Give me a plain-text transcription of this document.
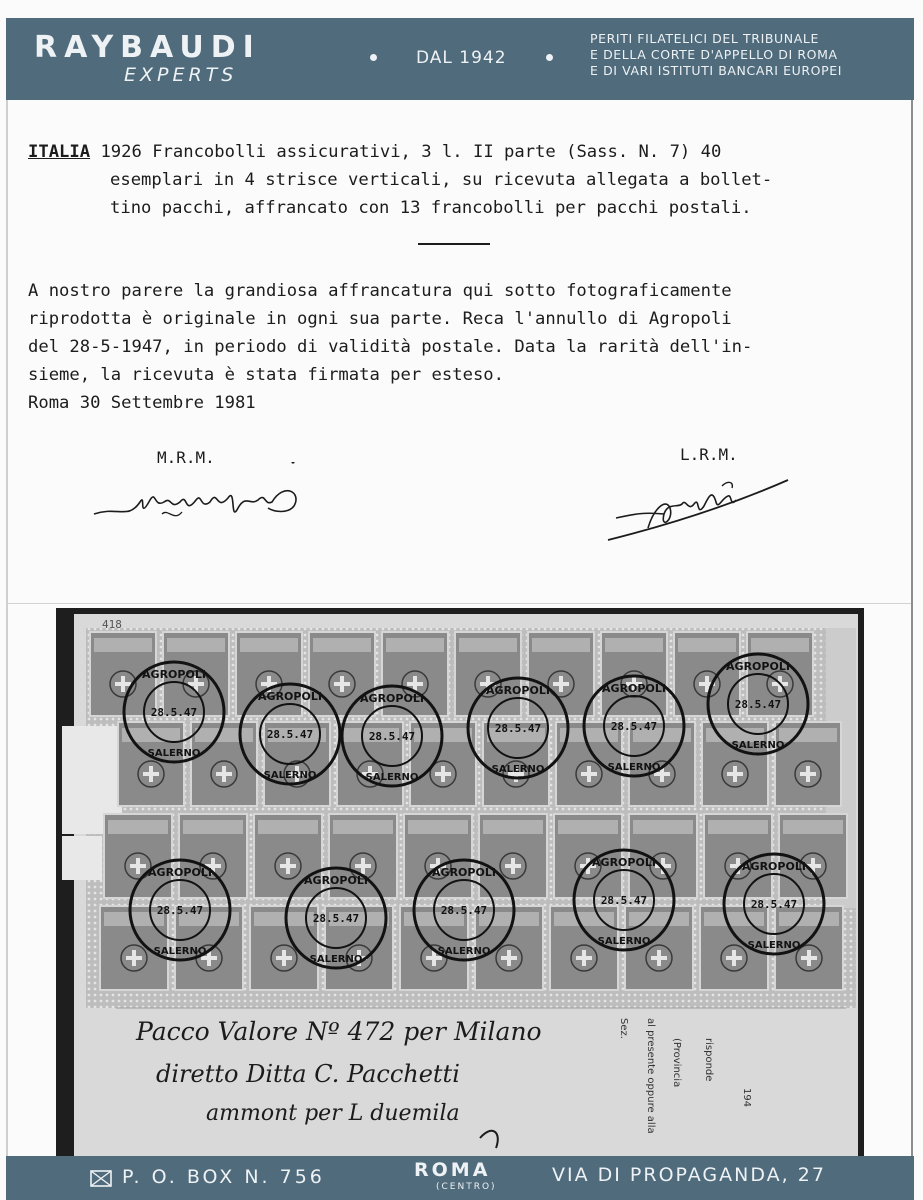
RAYBAUDI
EXPERTS
DAL 1942
PERITI FILATELICI DEL TRIBUNALE
E DELLA CORTE D'APPELLO DI ROMA
E DI VARI ISTITUTI BANCARI EUROPEI
ITALIA 1926 Francobolli assicurativi, 3 l. II parte (Sass. N. 7) 40
esemplari in 4 strisce verticali, su ricevuta allegata a bollet-
tino pacchi, affrancato con 13 francobolli per pacchi postali.
A nostro parere la grandiosa affrancatura qui sotto fotograficamente
riprodotta è originale in ogni sua parte. Reca l'annullo di Agropoli
del 28-5-1947, in periodo di validità postale. Data la rarità dell'in-
sieme, la ricevuta è stata firmata per esteso.
Roma 30 Settembre 1981
M.R.M.	L.R.M.
418
AGROPOLI
SALERNO
28.5.47
AGROPOLI
SALERNO
28.5.47
AGROPOLI
SALERNO
28.5.47
AGROPOLI
SALERNO
28.5.47
AGROPOLI
SALERNO
28.5.47
AGROPOLI
SALERNO
28.5.47
AGROPOLI
SALERNO
28.5.47
AGROPOLI
SALERNO
28.5.47
AGROPOLI
SALERNO
28.5.47
AGROPOLI
SALERNO
28.5.47
AGROPOLI
SALERNO
28.5.47
Pacco Valore Nº 472 per Milano
diretto Ditta C. Pacchetti
ammont per L duemila
risponde
(Provincia
al presente oppure alla
Sez.
194
P. O. BOX N. 756	ROMA
(CENTRO)
VIA DI PROPAGANDA, 27
